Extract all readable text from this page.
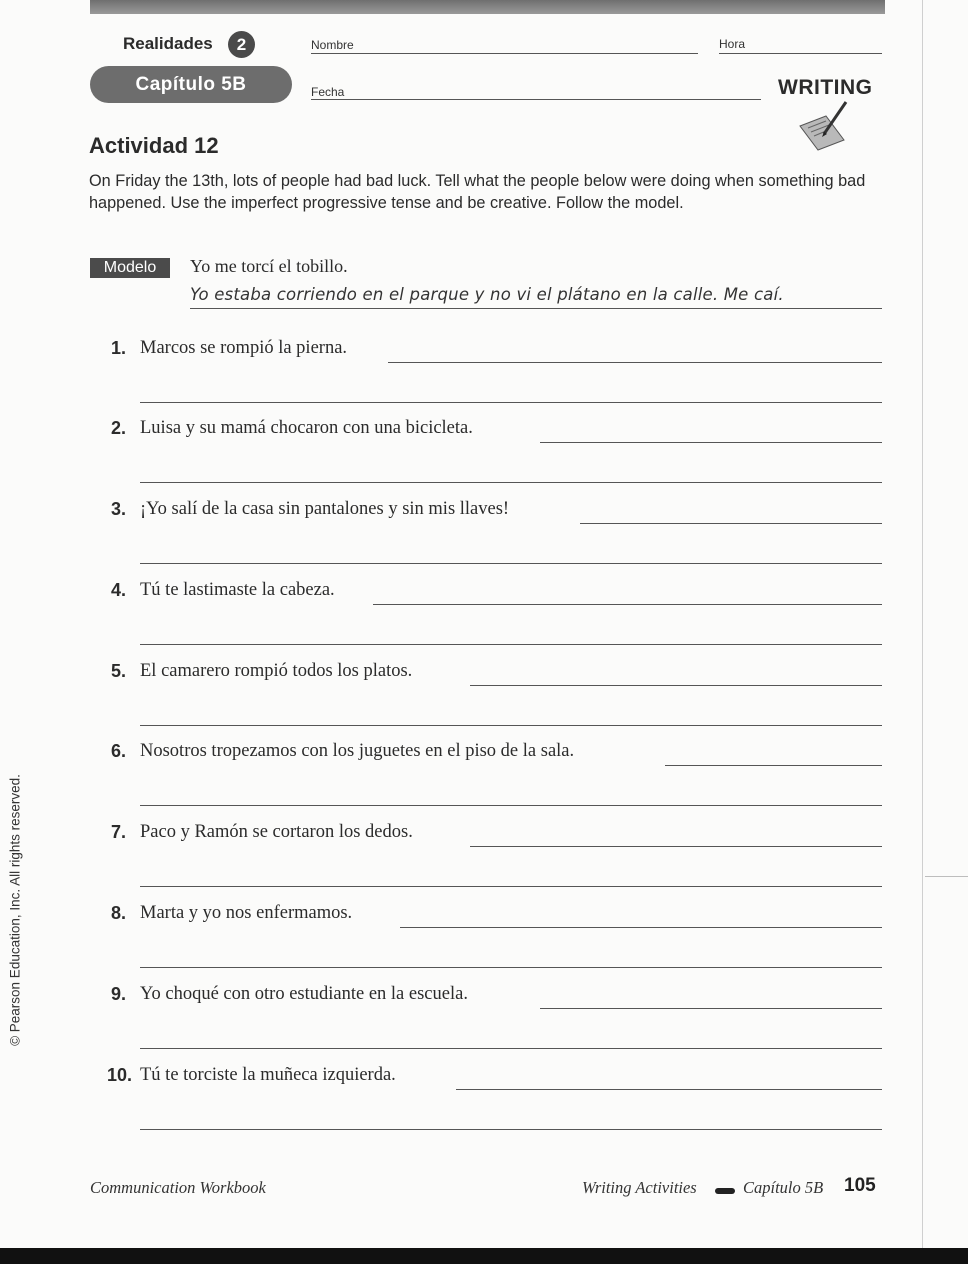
Realidades	2	Nombre	Hora
Capítulo 5B	Fecha	WRITING
Actividad 12
On Friday the 13th, lots of people had bad luck. Tell what the people below were doing when something bad happened. Use the imperfect progressive tense and be creative. Follow the model.
Modelo	Yo me torcí el tobillo.
Yo estaba corriendo en el parque y no vi el plátano en la calle. Me caí.
1. Marcos se rompió la pierna.
2. Luisa y su mamá chocaron con una bicicleta.
3. ¡Yo salí de la casa sin pantalones y sin mis llaves!
4. Tú te lastimaste la cabeza.
5. El camarero rompió todos los platos.
6. Nosotros tropezamos con los juguetes en el piso de la sala.
7. Paco y Ramón se cortaron los dedos.
8. Marta y yo nos enfermamos.
9. Yo choqué con otro estudiante en la escuela.
10. Tú te torciste la muñeca izquierda.
© Pearson Education, Inc. All rights reserved.
Communication Workbook	Writing Activities	Capítulo 5B 105
